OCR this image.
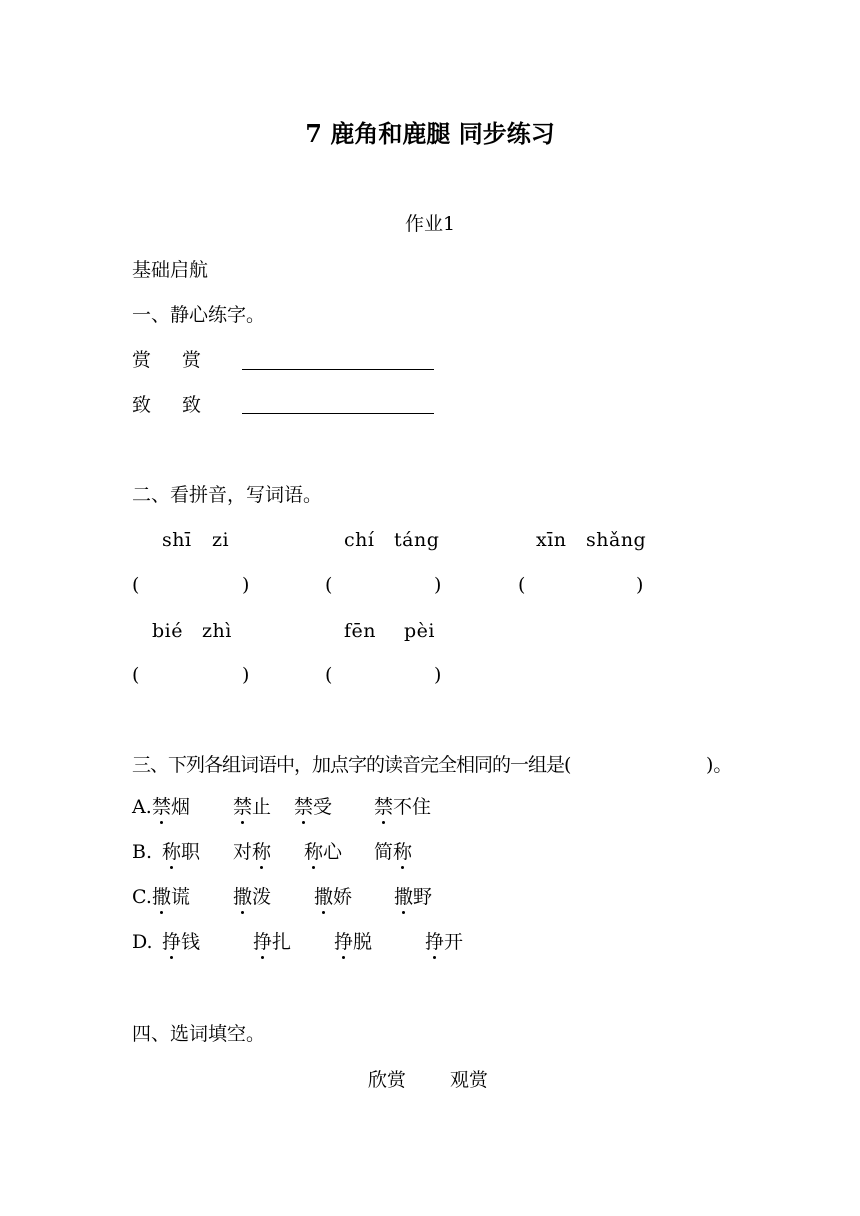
7 鹿角和鹿腿 同步练习
作业1
基础启航
一、静心练字。
赏 赏
致 致
二、看拼音，写词语。
shī zi	chí táng	xīn shǎng
(	)	(	)	(	)
bié zhì	fēn pèi
(	)	(	)
三、下列各组词语中，加点字的读音完全相同的一组是(	)。
A. 禁烟 禁止 禁受 禁不住
B. 称职 对称 称心 简称
C. 撒谎 撒泼 撒娇 撒野
D. 挣钱	挣扎 挣脱	挣开
四、选词填空。
欣赏 观赏
